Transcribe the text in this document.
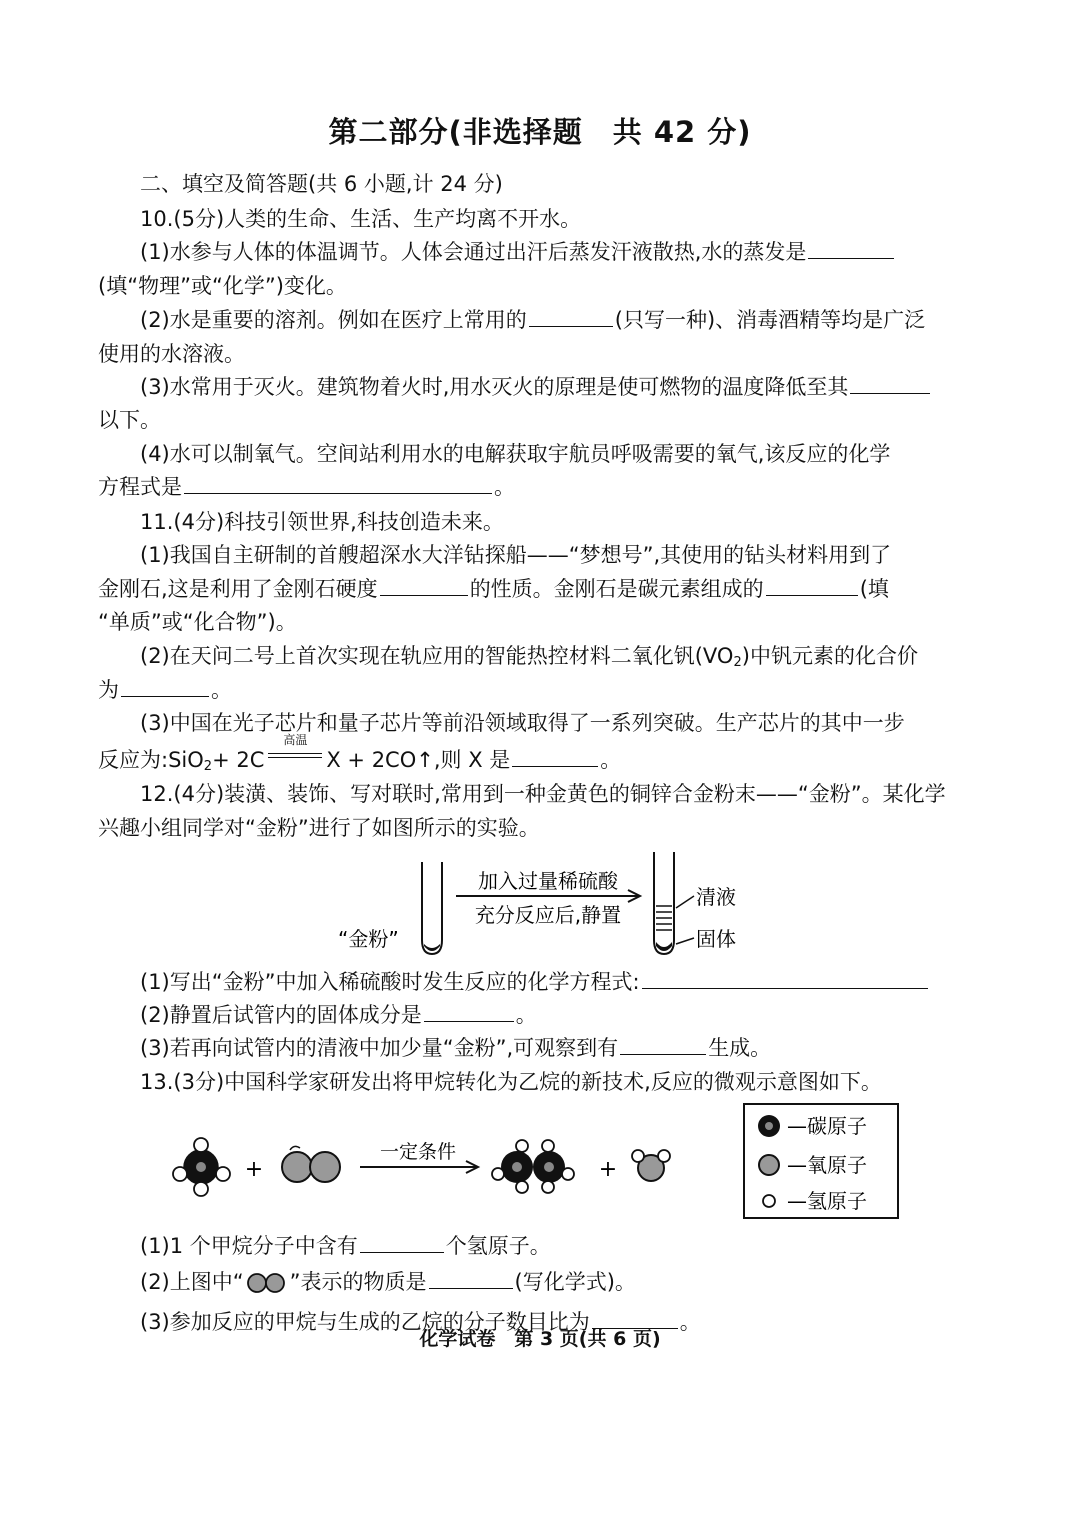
第二部分(非选择题　共 42 分)
二、填空及简答题(共 6 小题,计 24 分)
10.(5分)人类的生命、生活、生产均离不开水。
(1)水参与人体的体温调节。人体会通过出汗后蒸发汗液散热,水的蒸发是
(填“物理”或“化学”)变化。
(2)水是重要的溶剂。例如在医疗上常用的	(只写一种)、消毒酒精等均是广泛
使用的水溶液。
(3)水常用于灭火。建筑物着火时,用水灭火的原理是使可燃物的温度降低至其
以下。
(4)水可以制氧气。空间站利用水的电解获取宇航员呼吸需要的氧气,该反应的化学
方程式是	。
11.(4分)科技引领世界,科技创造未来。
(1)我国自主研制的首艘超深水大洋钻探船——“梦想号”,其使用的钻头材料用到了
金刚石,这是利用了金刚石硬度	的性质。金刚石是碳元素组成的	(填
“单质”或“化合物”)。
(2)在天问二号上首次实现在轨应用的智能热控材料二氧化钒$(VO_2)$中钒元素的化合价
为	。
(3)中国在光子芯片和量子芯片等前沿领域取得了一系列突破。生产芯片的其中一步
反应为:SiO$_2$+ 2C
高温
X + 2CO↑,则 X 是	。
12.(4分)装潢、装饰、写对联时,常用到一种金黄色的铜锌合金粉末——“金粉”。某化学
兴趣小组同学对“金粉”进行了如图所示的实验。
“金粉”
加入过量稀硫酸
充分反应后,静置
清液
固体
(1)写出“金粉”中加入稀硫酸时发生反应的化学方程式:
(2)静置后试管内的固体成分是	。
(3)若再向试管内的清液中加少量“金粉”,可观察到有	生成。
13.(3分)中国科学家研发出将甲烷转化为乙烷的新技术,反应的微观示意图如下。
+
一定条件
+
—碳原子
—氧原子
—氢原子
(1)1 个甲烷分子中含有	个氢原子。
(2)上图中“ ”表示的物质是	(写化学式)。
(3)参加反应的甲烷与生成的乙烷的分子数目比为	。
化学试卷　第 3 页(共 6 页)
